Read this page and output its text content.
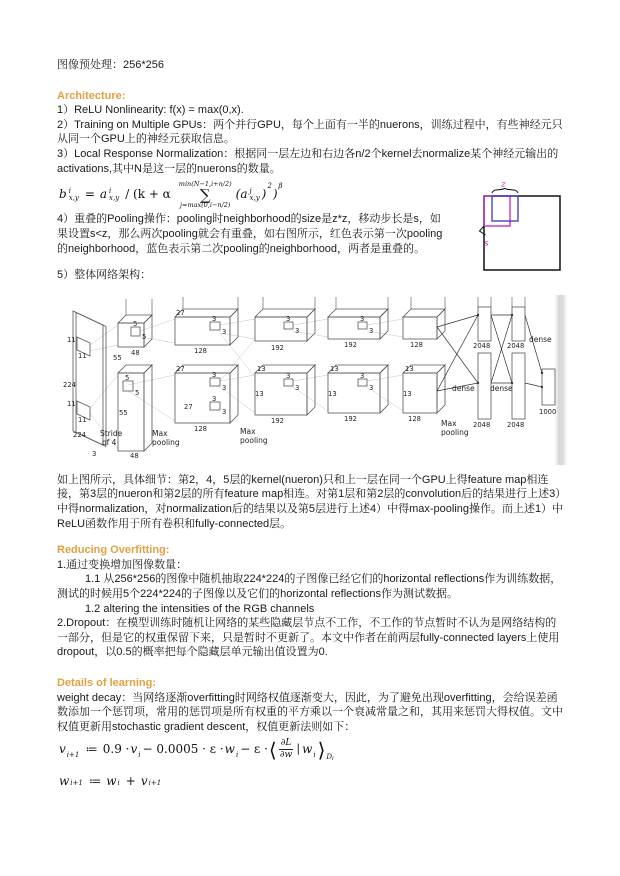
图像预处理：256*256

Architecture:

1）ReLU Nonlinearity: f(x) = max(0,x).

2）Training on Multiple GPUs：两个并行GPU，每个上面有一半的nuerons，训练过程中，有些神经元只从同一个GPU上的神经元获取信息。

3）Local Response Normalization：根据同一层左边和右边各n/2个kernel去normalize某个神经元输出的activations,其中N是这一层的nuerons的数量。

b i
x,y = a i
x,y / (k + α
min(N−1,i+n/2)
∑
j=max(0,i−n/2)
(a j
x,y )
2
)
β

4）重叠的Pooling操作：pooling时neighborhood的size是z*z，移动步长是s，如果设置s<z，那么两次pooling就会有重叠，如右图所示，红色表示第一次pooling的neighborhood，蓝色表示第二次pooling的neighborhood，两者是重叠的。

z
s

5）整体网络架构：

224
224
3
11
11
11
11
Stride
of 4
5
5
48
55
5
5
55
48
Max
pooling
3
3
27
128
3
3
3
3
27
27
128	Max
pooling
3
3
192
13
13
3
3
192
3
3
192
13
13
3
3
192
128
13
13
128	Max
pooling
2048 2048
2048 2048
1000
dense
dense dense

如上图所示，具体细节：第2，4，5层的kernel(nueron)只和上一层在同一个GPU上得feature map相连接，第3层的nueron和第2层的所有feature map相连。对第1层和第2层的convolution后的结果进行上述3）中得normalization，对normalization后的结果以及第5层进行上述4）中得max-pooling操作。而上述1）中ReLU函数作用于所有卷积和fully-connected层。

Reducing Overfitting:

1.通过变换增加图像数量：

1.1 从256*256的图像中随机抽取224*224的子图像已经它们的horizontal reflections作为训练数据，测试的时候用5个224*224的子图像以及它们的horizontal reflections作为测试数据。

1.2 altering the intensities of the RGB channels

2.Dropout：在模型训练时随机让网络的某些隐藏层节点不工作，不工作的节点暂时不认为是网络结构的一部分，但是它的权重保留下来，只是暂时不更新了。本文中作者在前两层fully-connected layers上使用dropout，以0.5的概率把每个隐藏层单元输出值设置为0.

Details of learning:

weight decay：当网络逐渐overfitting时网络权值逐渐变大，因此，为了避免出现overfitting，会给误差函数添加一个惩罚项，常用的惩罚项是所有权重的平方乘以一个衰减常量之和，其用来惩罚大得权值。文中权值更新用stochastic gradient descent，权值更新法则如下：

v i+1 ≔ 0.9 · v i − 0.0005 · ε · w i − ε · ⟨ $\frac{\partial L}{\partial w}$ | w i ⟩ D i
w i+1 ≔ w i + v i+1
